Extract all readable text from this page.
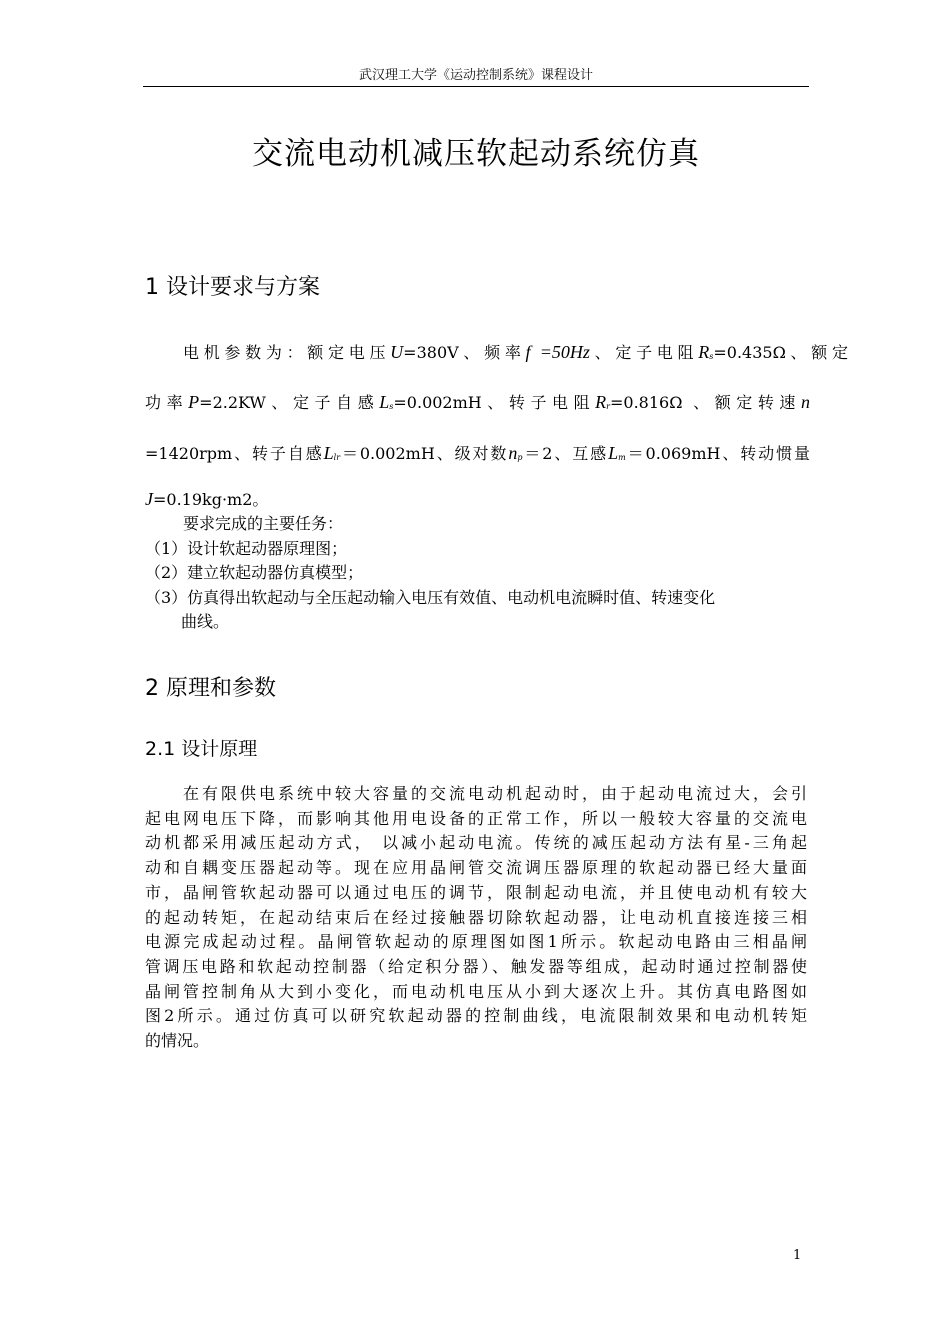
武汉理工大学《运动控制系统》课程设计
交流电动机减压软起动系统仿真
1 设计要求与方案
电机参数为：额定电压U=380V、频率f =50Hz、定子电阻$R_s=0.435\Omega$、额定
功率P=2.2KW、定子自感$L_s=0.002mH$、转子电阻$R_r=0.816\Omega$ 、额定转速n
=1420rpm、转子自感$L_{lr}=0.002mH$、级对数$n_p=2$、互感$L_m=0.069mH$、转动惯量
J=0.19kg·m2。
要求完成的主要任务：
（1）设计软起动器原理图；
（2）建立软起动器仿真模型；
（3）仿真得出软起动与全压起动输入电压有效值、电动机电流瞬时值、转速变化
曲线。
2 原理和参数
2.1 设计原理
在有限供电系统中较大容量的交流电动机起动时，由于起动电流过大，会引
起电网电压下降，而影响其他用电设备的正常工作，所以一般较大容量的交流电
动机都采用减压起动方式， 以减小起动电流。传统的减压起动方法有星-三角起
动和自耦变压器起动等。现在应用晶闸管交流调压器原理的软起动器已经大量面
市，晶闸管软起动器可以通过电压的调节，限制起动电流，并且使电动机有较大
的起动转矩，在起动结束后在经过接触器切除软起动器，让电动机直接连接三相
电源完成起动过程。晶闸管软起动的原理图如图1所示。软起动电路由三相晶闸
管调压电路和软起动控制器（给定积分器）、触发器等组成，起动时通过控制器使
晶闸管控制角从大到小变化，而电动机电压从小到大逐次上升。其仿真电路图如
图2所示。通过仿真可以研究软起动器的控制曲线，电流限制效果和电动机转矩
的情况。
1
